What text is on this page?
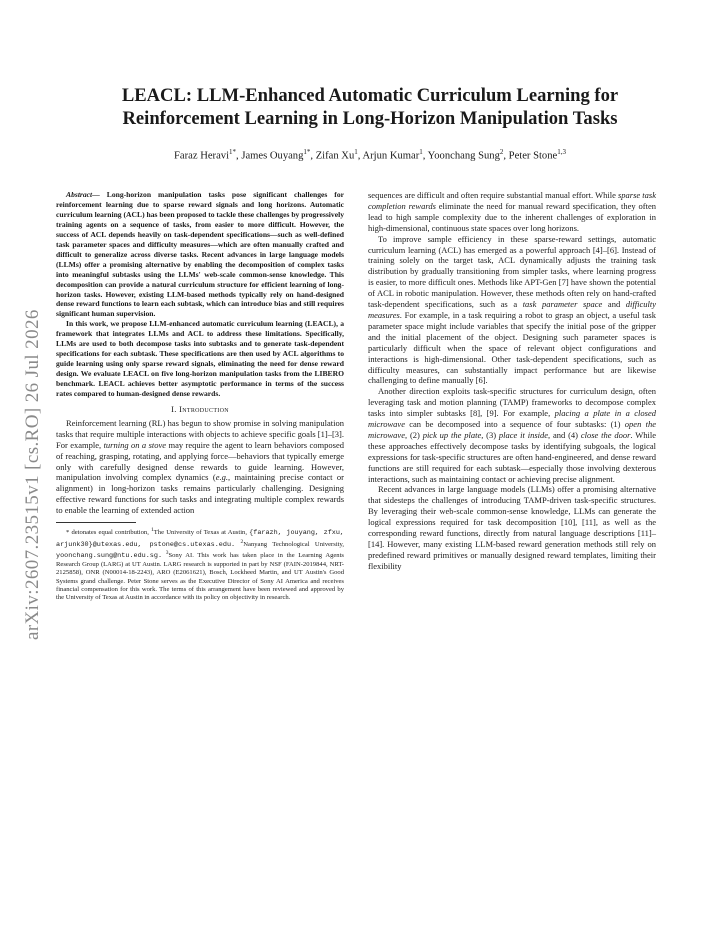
arXiv:2607.23515v1 [cs.RO] 26 Jul 2026
LEACL: LLM-Enhanced Automatic Curriculum Learning for
Reinforcement Learning in Long-Horizon Manipulation Tasks

Faraz Heravi$^{1*}$, James Ouyang$^{1*}$, Zifan Xu$^1$, Arjun Kumar$^1$, Yoonchang Sung$^2$, Peter Stone$^{1,3}$

Abstract— Long-horizon manipulation tasks pose significant challenges for reinforcement learning due to sparse reward signals and long horizons. Automatic curriculum learning (ACL) has been proposed to tackle these challenges by progressively training agents on a sequence of tasks, from easier to more difficult. However, the success of ACL depends heavily on task-dependent specifications—such as well-defined task parameter spaces and difficulty measures—which are often manually crafted and difficult to generalize across diverse tasks. Recent advances in large language models (LLMs) offer a promising alternative by enabling the decomposition of complex tasks into meaningful subtasks using the LLMs' web-scale common-sense knowledge. This decomposition can provide a natural curriculum structure for efficient learning of long-horizon tasks. However, existing LLM-based methods typically rely on hand-designed dense reward functions to learn each subtask, which can introduce bias and still requires significant human supervision.

In this work, we propose LLM-enhanced automatic curriculum learning (LEACL), a framework that integrates LLMs and ACL to address these limitations. Specifically, LLMs are used to both decompose tasks into subtasks and to generate task-dependent specifications for each subtask. These specifications are then used by ACL algorithms to guide learning using only sparse reward signals, eliminating the need for dense reward design. We evaluate LEACL on five long-horizon manipulation tasks from the LIBERO benchmark. LEACL achieves better asymptotic performance in terms of the success rates compared to human-designed dense rewards.

I. Introduction

Reinforcement learning (RL) has begun to show promise in solving manipulation tasks that require multiple interactions with objects to achieve specific goals [1]–[3]. For example, turning on a stove may require the agent to learn behaviors composed of reaching, grasping, rotating, and applying force—behaviors that typically emerge only with carefully designed dense rewards to guide learning. However, manipulation involving complex dynamics (e.g., maintaining precise contact or alignment) in long-horizon tasks remains particularly challenging. Designing effective reward functions for such tasks and integrating multiple complex rewards to enable the learning of extended action

* detonates equal contribution, $^1$The University of Texas at Austin, {farazh, jouyang, zfxu, arjunk30}@utexas.edu, pstone@cs.utexas.edu. $^2$Nanyang Technological University, yoonchang.sung@ntu.edu.sg. $^3$Sony AI. This work has taken place in the Learning Agents Research Group (LARG) at UT Austin. LARG research is supported in part by NSF (FAIN-2019844, NRT-2125858), ONR (N00014-18-2243), ARO (E2061621), Bosch, Lockheed Martin, and UT Austin's Good Systems grand challenge. Peter Stone serves as the Executive Director of Sony AI America and receives financial compensation for this work. The terms of this arrangement have been reviewed and approved by the University of Texas at Austin in accordance with its policy on objectivity in research.

sequences are difficult and often require substantial manual effort. While sparse task completion rewards eliminate the need for manual reward specification, they often lead to high sample complexity due to the inherent challenges of exploration in high-dimensional, continuous state spaces over long horizons.

To improve sample efficiency in these sparse-reward settings, automatic curriculum learning (ACL) has emerged as a powerful approach [4]–[6]. Instead of training solely on the target task, ACL dynamically adjusts the training task distribution by gradually transitioning from simpler tasks, where learning progress is easier, to more difficult ones. Methods like APT-Gen [7] have shown the potential of ACL in robotic manipulation. However, these methods often rely on hand-crafted task-dependent specifications, such as a task parameter space and difficulty measures. For example, in a task requiring a robot to grasp an object, a useful task parameter space might include variables that specify the initial pose of the gripper and the initial placement of the object. Designing such parameter spaces is particularly difficult when the space of relevant object configurations and interactions is high-dimensional. Other task-dependent specifications, such as difficulty measures, can substantially impact performance but are likewise challenging to define manually [6].

Another direction exploits task-specific structures for curriculum design, often leveraging task and motion planning (TAMP) frameworks to decompose complex tasks into simpler subtasks [8], [9]. For example, placing a plate in a closed microwave can be decomposed into a sequence of four subtasks: (1) open the microwave, (2) pick up the plate, (3) place it inside, and (4) close the door. While these approaches effectively decompose tasks by identifying subgoals, the logical expressions for task-specific structures are often hand-engineered, and dense reward functions are still required for each subtask—especially those involving dexterous interactions, such as maintaining contact or achieving precise alignment.

Recent advances in large language models (LLMs) offer a promising alternative that sidesteps the challenges of introducing TAMP-driven task-specific structures. By leveraging their web-scale common-sense knowledge, LLMs can generate the logical expressions required for task decomposition [10], [11], as well as the corresponding reward functions, directly from natural language descriptions [11]–[14]. However, many existing LLM-based reward generation methods still rely on predefined reward primitives or manually designed reward templates, limiting their flexibility
